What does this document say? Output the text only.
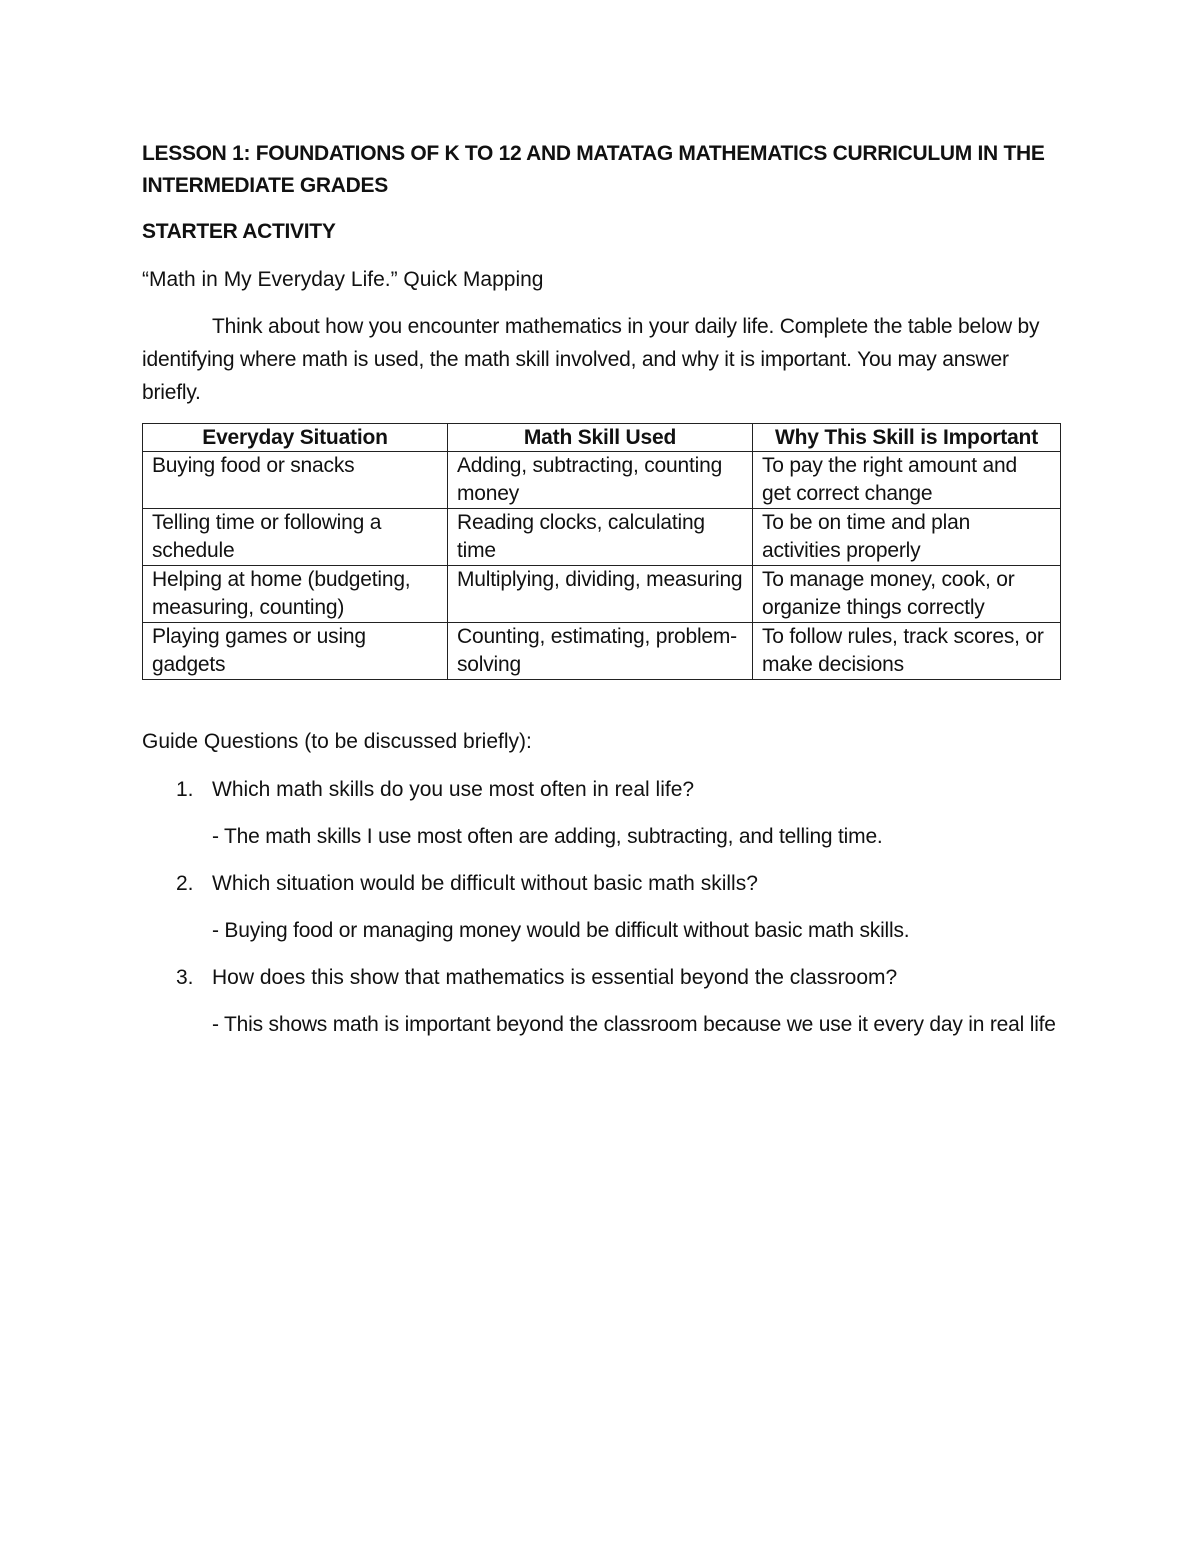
LESSON 1: FOUNDATIONS OF K TO 12 AND MATATAG MATHEMATICS CURRICULUM IN THE INTERMEDIATE GRADES
STARTER ACTIVITY

“Math in My Everyday Life.” Quick Mapping

Think about how you encounter mathematics in your daily life. Complete the table below by identifying where math is used, the math skill involved, and why it is important. You may answer briefly.

Everyday Situation	Math Skill Used	Why This Skill is Important
Buying food or snacks	Adding, subtracting, counting money	To pay the right amount and get correct change
Telling time or following a schedule	Reading clocks, calculating time	To be on time and plan activities properly
Helping at home (budgeting, measuring, counting)	Multiplying, dividing, measuring	To manage money, cook, or organize things correctly
Playing games or using gadgets	Counting, estimating, problem-solving	To follow rules, track scores, or make decisions

Guide Questions (to be discussed briefly):

1. Which math skills do you use most often in real life?
- The math skills I use most often are adding, subtracting, and telling time.
2. Which situation would be difficult without basic math skills?
- Buying food or managing money would be difficult without basic math skills.
3. How does this show that mathematics is essential beyond the classroom?
- This shows math is important beyond the classroom because we use it every day in real life
